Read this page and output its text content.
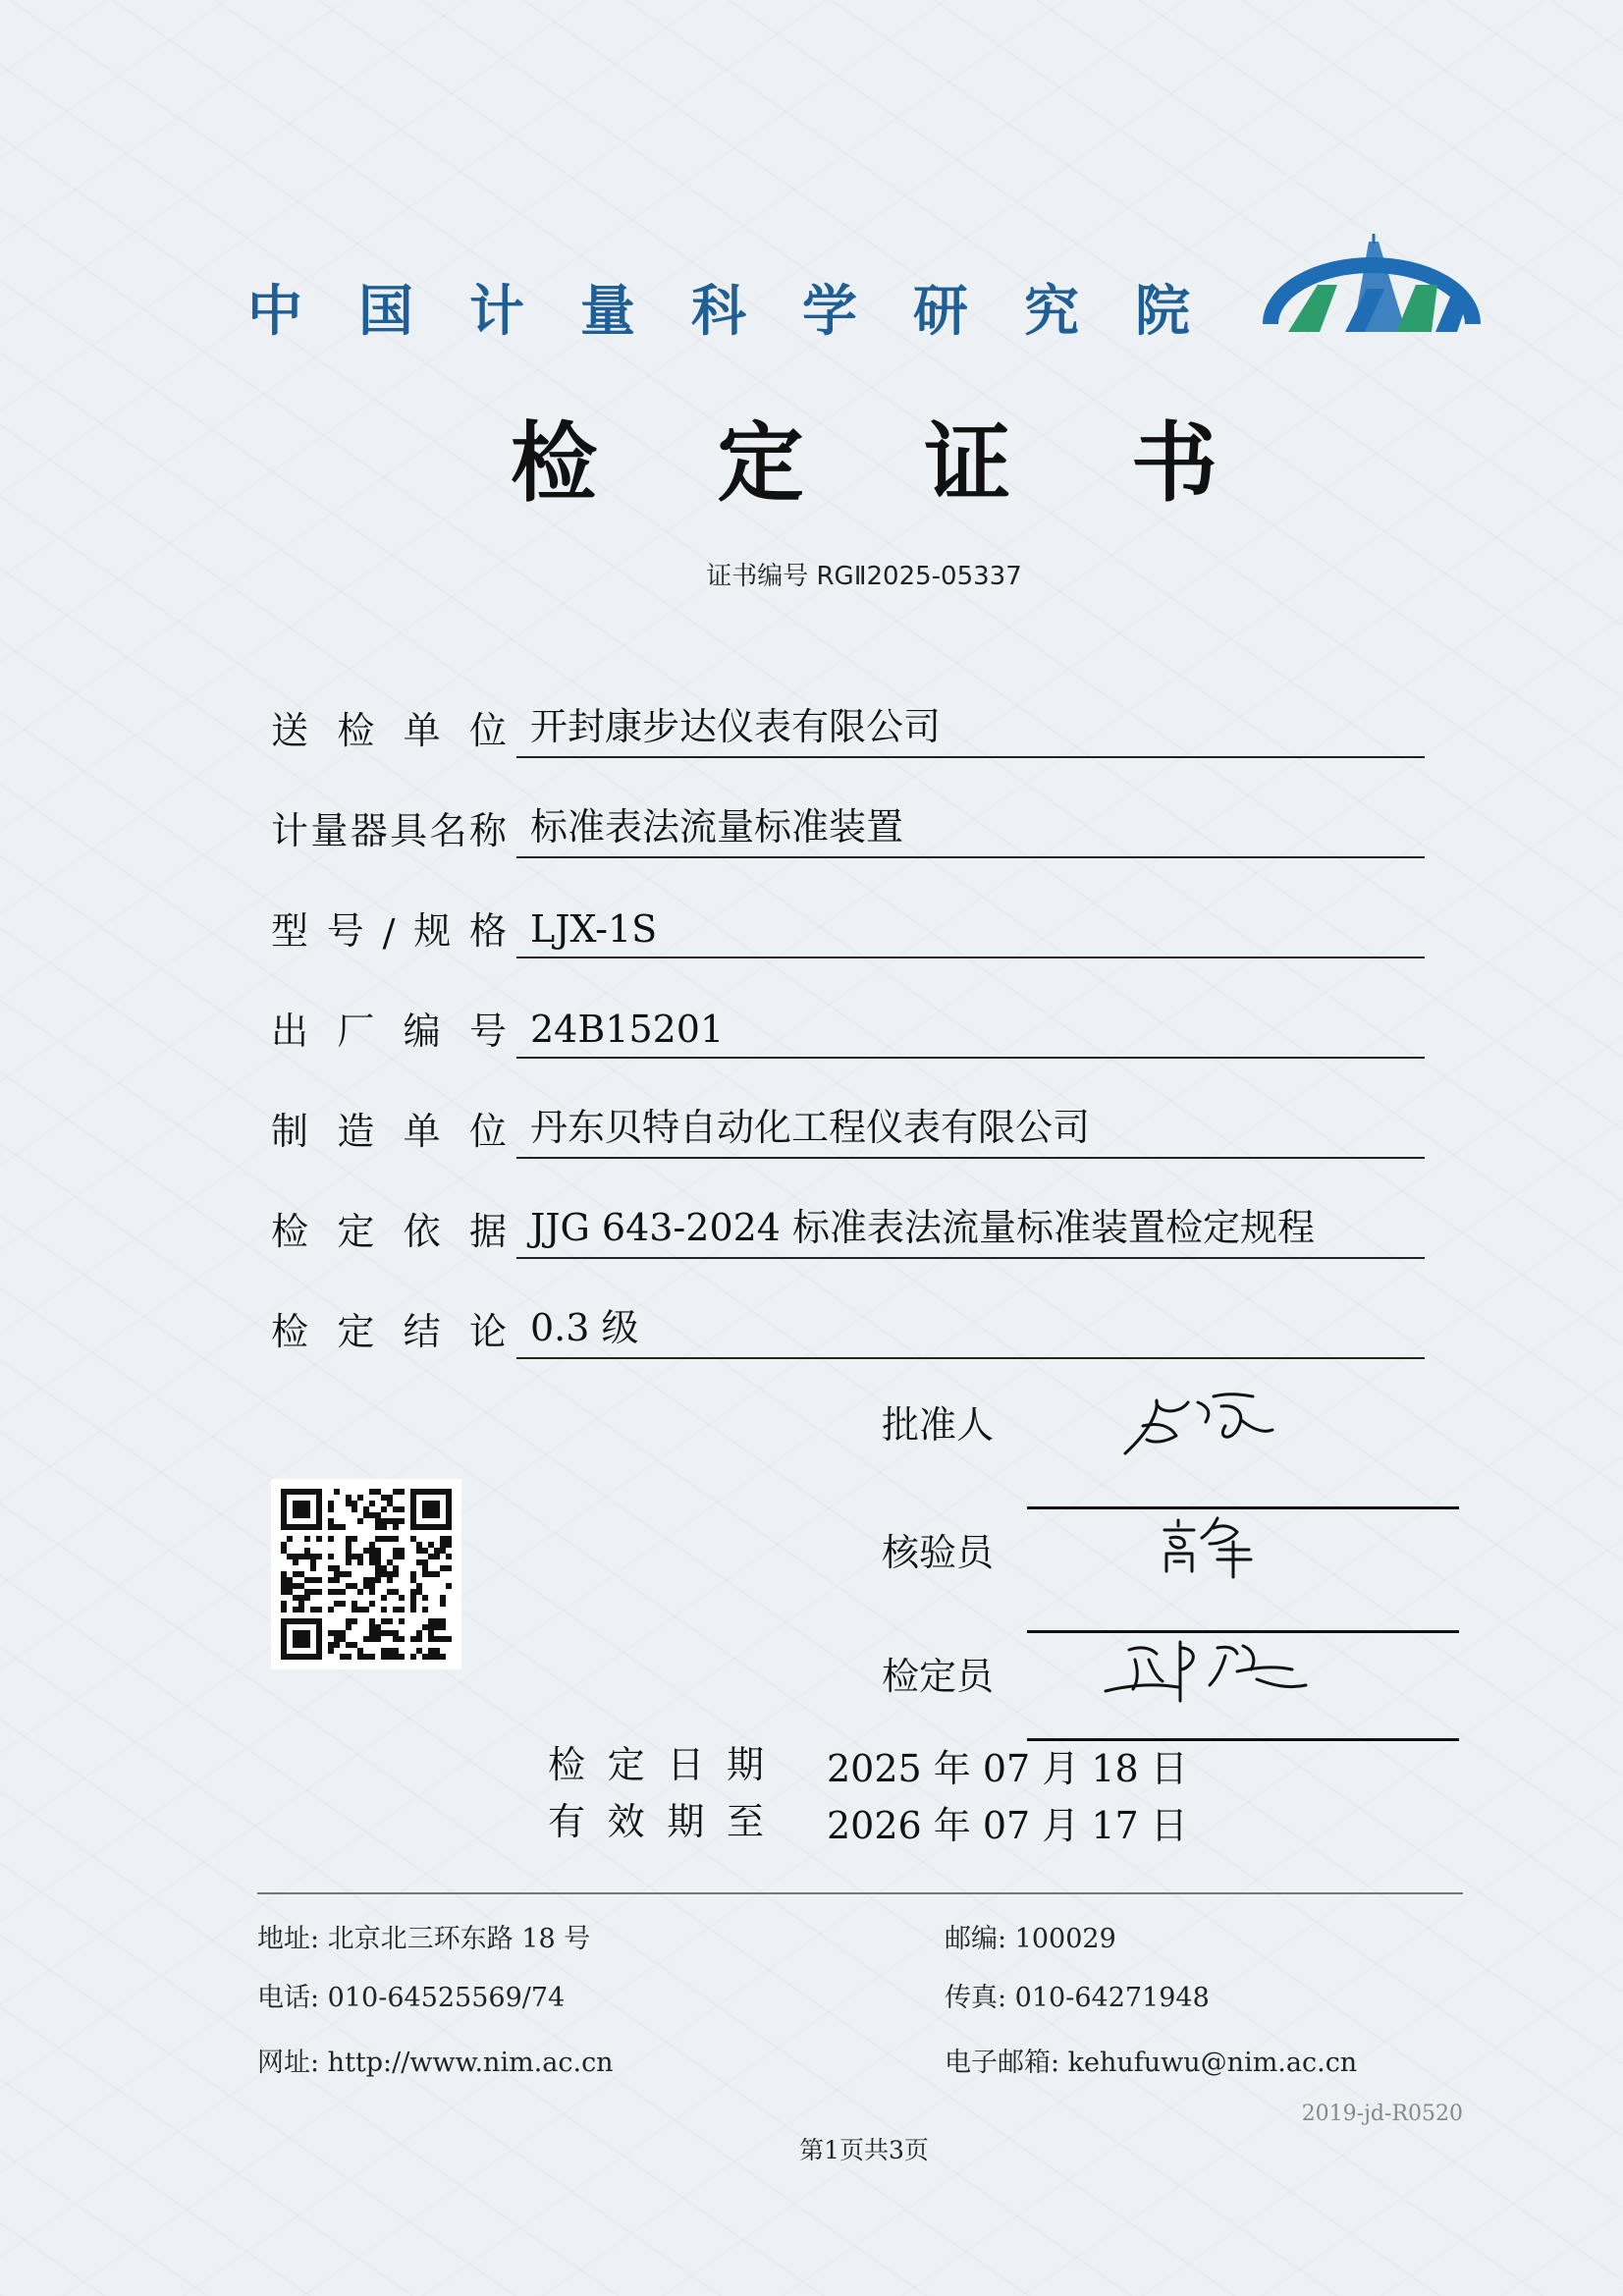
中 国 计 量 科 学 研 究 院
检 定 证 书
证书编号 RGⅡ2025-05337
送 检 单 位 开封康步达仪表有限公司
计 量 器 具 名 称 标准表法流量标准装置
型 号 / 规 格 LJX-1S
出 厂 编 号 24B15201
制 造 单 位 丹东贝特自动化工程仪表有限公司
检 定 依 据 JJG 643-2024 标准表法流量标准装置检定规程
检 定 结 论 0.3 级
批准人
核验员
检定员
检 定 日 期 2025 年 07 月 18 日
有 效 期 至 2026 年 07 月 17 日
地址: 北京北三环东路 18 号	邮编: 100029
电话: 010-64525569/74	传真: 010-64271948
网址: http://www.nim.ac.cn	电子邮箱: kehufuwu@nim.ac.cn
2019-jd-R0520
第1页共3页
